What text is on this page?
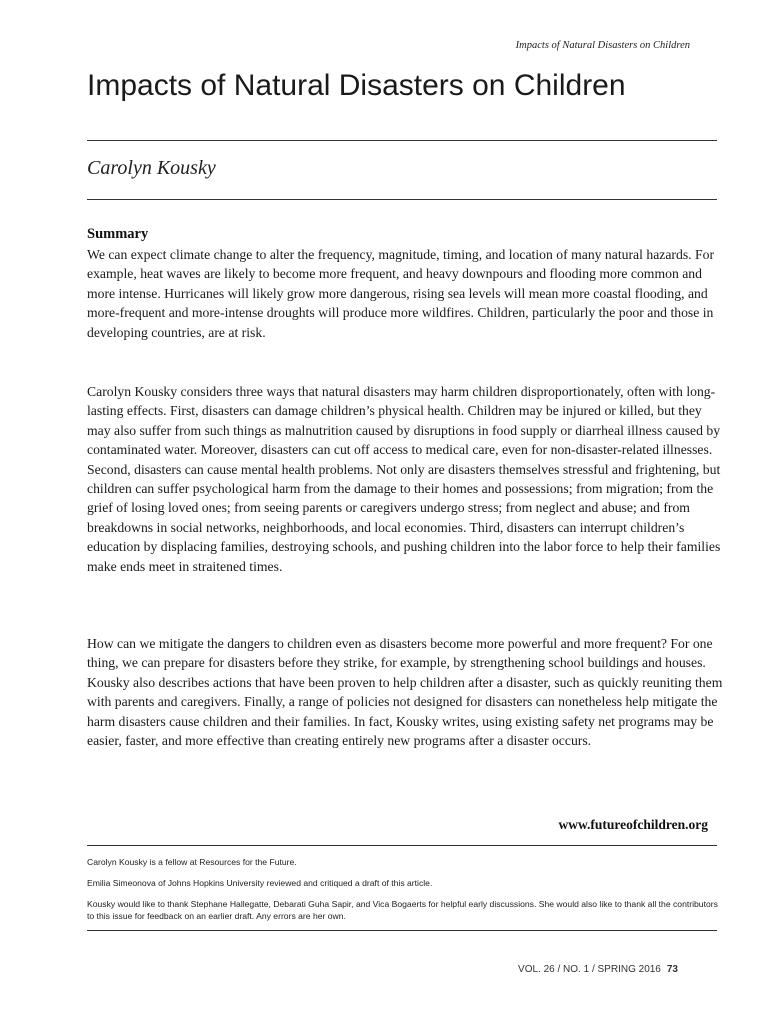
Impacts of Natural Disasters on Children
Impacts of Natural Disasters on Children
Carolyn Kousky
Summary

We can expect climate change to alter the frequency, magnitude, timing, and location of many natural hazards. For example, heat waves are likely to become more frequent, and heavy downpours and flooding more common and more intense. Hurricanes will likely grow more dangerous, rising sea levels will mean more coastal flooding, and more-frequent and more-intense droughts will produce more wildfires. Children, particularly the poor and those in developing countries, are at risk.

Carolyn Kousky considers three ways that natural disasters may harm children disproportionately, often with long-lasting effects. First, disasters can damage children’s physical health. Children may be injured or killed, but they may also suffer from such things as malnutrition caused by disruptions in food supply or diarrheal illness caused by contaminated water. Moreover, disasters can cut off access to medical care, even for non-disaster-related illnesses. Second, disasters can cause mental health problems. Not only are disasters themselves stressful and frightening, but children can suffer psychological harm from the damage to their homes and possessions; from migration; from the grief of losing loved ones; from seeing parents or caregivers undergo stress; from neglect and abuse; and from breakdowns in social networks, neighborhoods, and local economies. Third, disasters can interrupt children’s education by displacing families, destroying schools, and pushing children into the labor force to help their families make ends meet in straitened times.

How can we mitigate the dangers to children even as disasters become more powerful and more frequent? For one thing, we can prepare for disasters before they strike, for example, by strengthening school buildings and houses. Kousky also describes actions that have been proven to help children after a disaster, such as quickly reuniting them with parents and caregivers. Finally, a range of policies not designed for disasters can nonetheless help mitigate the harm disasters cause children and their families. In fact, Kousky writes, using existing safety net programs may be easier, faster, and more effective than creating entirely new programs after a disaster occurs.

www.futureofchildren.org
Carolyn Kousky is a fellow at Resources for the Future.
Emilia Simeonova of Johns Hopkins University reviewed and critiqued a draft of this article.
Kousky would like to thank Stephane Hallegatte, Debarati Guha Sapir, and Vica Bogaerts for helpful early discussions. She would also like to thank all the contributors to this issue for feedback on an earlier draft. Any errors are her own.
VOL. 26 / NO. 1 / SPRING 2016 73
